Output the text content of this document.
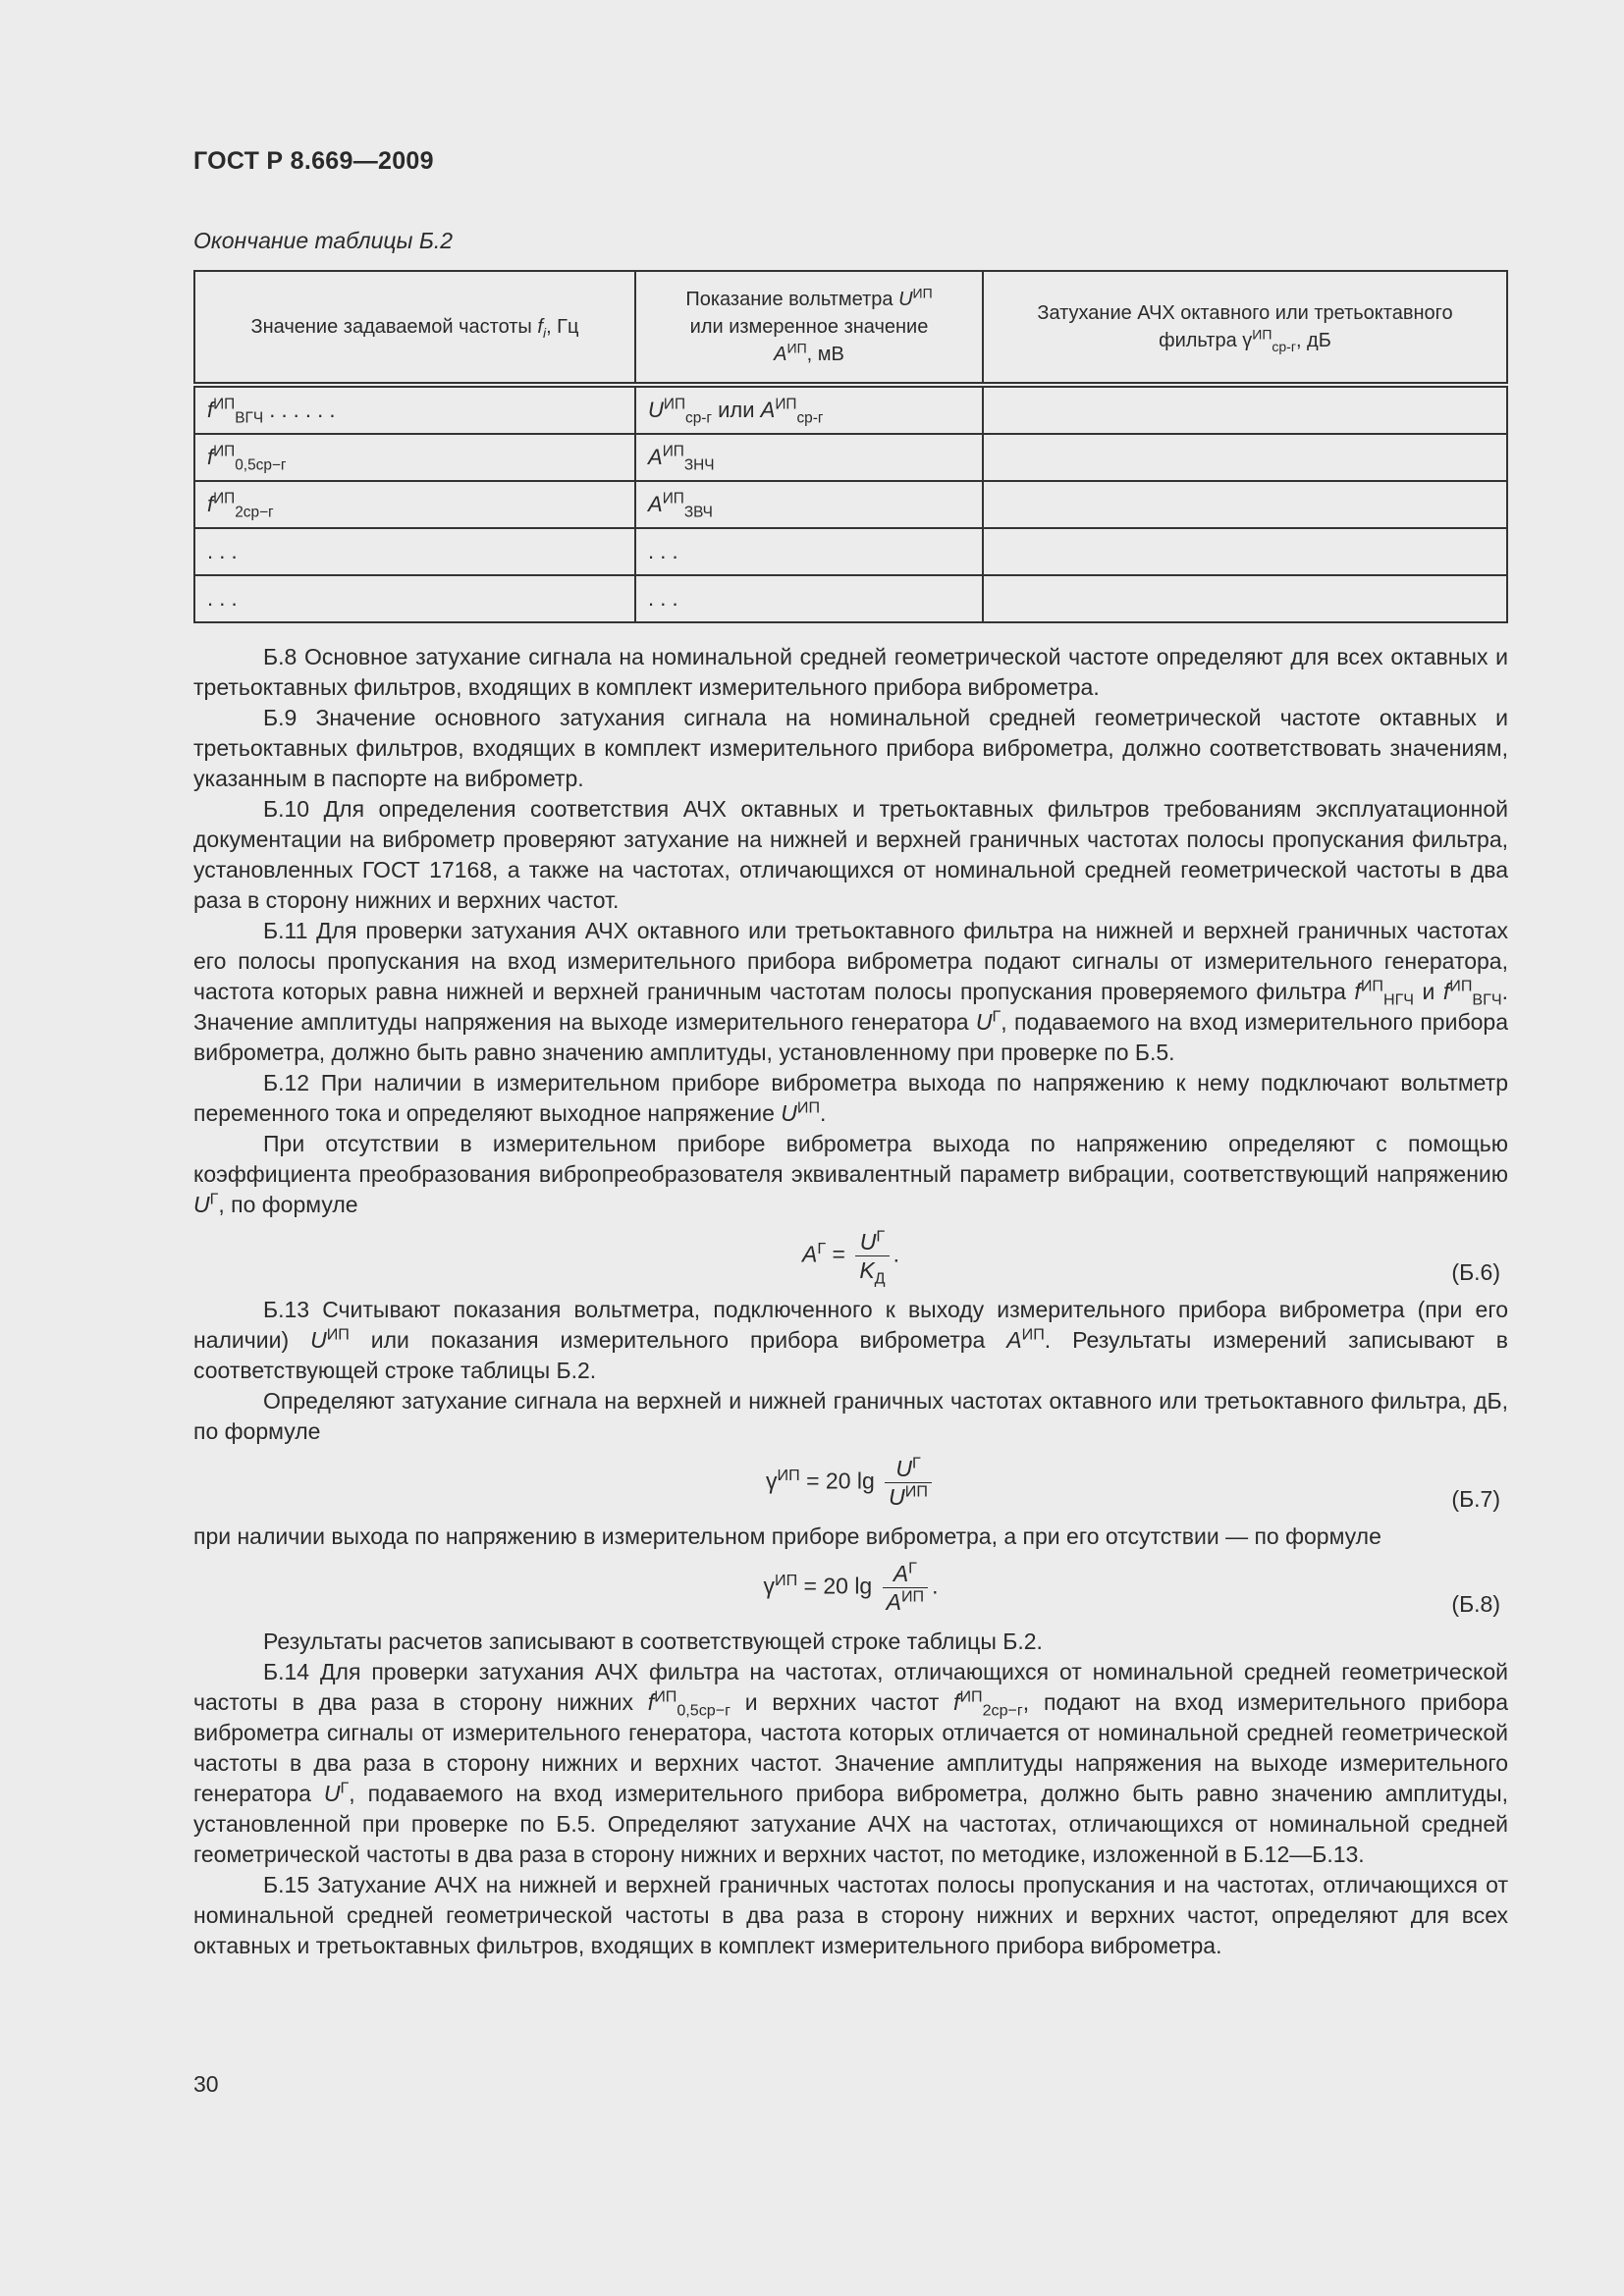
ГОСТ Р 8.669—2009
Окончание таблицы Б.2
Значение задаваемой частоты $f_i$, Гц	Показание вольтметра $U^{ИП}$
или измеренное значение
$A^{ИП}$, мВ	Затухание АЧХ октавного или третьоктавного
фильтра $\gamma^{ИП}_{ср-г}$, дБ
$f^{ИП}_{ВГЧ}$ . . . . . .	$U^{ИП}_{ср-г}$ или $A^{ИП}_{ср-г}$	
$f^{ИП}_{0,5ср-г}$	$A^{ИП}_{ЗНЧ}$	
$f^{ИП}_{2ср-г}$	$A^{ИП}_{ЗВЧ}$	
. . .	. . .	
. . .	. . .	

Б.8 Основное затухание сигнала на номинальной средней геометрической частоте определяют для всех октавных и третьоктавных фильтров, входящих в комплект измерительного прибора виброметра.

Б.9 Значение основного затухания сигнала на номинальной средней геометрической частоте октавных и третьоктавных фильтров, входящих в комплект измерительного прибора виброметра, должно соответствовать значениям, указанным в паспорте на виброметр.

Б.10 Для определения соответствия АЧХ октавных и третьоктавных фильтров требованиям эксплуатационной документации на виброметр проверяют затухание на нижней и верхней граничных частотах полосы пропускания фильтра, установленных ГОСТ 17168, а также на частотах, отличающихся от номинальной средней геометрической частоты в два раза в сторону нижних и верхних частот.

Б.11 Для проверки затухания АЧХ октавного или третьоктавного фильтра на нижней и верхней граничных частотах его полосы пропускания на вход измерительного прибора виброметра подают сигналы от измерительного генератора, частота которых равна нижней и верхней граничным частотам полосы пропускания проверяемого фильтра $f^{ИП}_{НГЧ}$ и $f^{ИП}_{ВГЧ}$. Значение амплитуды напряжения на выходе измерительного генератора $U^Г$, подаваемого на вход измерительного прибора виброметра, должно быть равно значению амплитуды, установленному при проверке по Б.5.

Б.12 При наличии в измерительном приборе виброметра выхода по напряжению к нему подключают вольтметр переменного тока и определяют выходное напряжение $U^{ИП}$.

При отсутствии в измерительном приборе виброметра выхода по напряжению определяют с помощью коэффициента преобразования вибропреобразователя эквивалентный параметр вибрации, соответствующий напряжению $U^Г$, по формуле

$A^Г = \frac{U^Г}{K_Д}$ .
(Б.6)

Б.13 Считывают показания вольтметра, подключенного к выходу измерительного прибора виброметра (при его наличии) $U^{ИП}$ или показания измерительного прибора виброметра $A^{ИП}$. Результаты измерений записывают в соответствующей строке таблицы Б.2.

Определяют затухание сигнала на верхней и нижней граничных частотах октавного или третьоктавного фильтра, дБ, по формуле

$\gamma^{ИП} = 20$ $\lg \frac{U^Г}{U^{ИП}}$	(Б.7)

при наличии выхода по напряжению в измерительном приборе виброметра, а при его отсутствии — по формуле

$\gamma^{ИП} = 20$ $\lg \frac{A^Г}{A^{ИП}}$ .
(Б.8)

Результаты расчетов записывают в соответствующей строке таблицы Б.2.

Б.14 Для проверки затухания АЧХ фильтра на частотах, отличающихся от номинальной средней геометрической частоты в два раза в сторону нижних $f^{ИП}_{0,5ср-г}$ и верхних частот $f^{ИП}_{2ср-г}$, подают на вход измерительного прибора виброметра сигналы от измерительного генератора, частота которых отличается от номинальной средней геометрической частоты в два раза в сторону нижних и верхних частот. Значение амплитуды напряжения на выходе измерительного генератора $U^Г$, подаваемого на вход измерительного прибора виброметра, должно быть равно значению амплитуды, установленной при проверке по Б.5. Определяют затухание АЧХ на частотах, отличающихся от номинальной средней геометрической частоты в два раза в сторону нижних и верхних частот, по методике, изложенной в Б.12—Б.13.

Б.15 Затухание АЧХ на нижней и верхней граничных частотах полосы пропускания и на частотах, отличающихся от номинальной средней геометрической частоты в два раза в сторону нижних и верхних частот, определяют для всех октавных и третьоктавных фильтров, входящих в комплект измерительного прибора виброметра.

30
